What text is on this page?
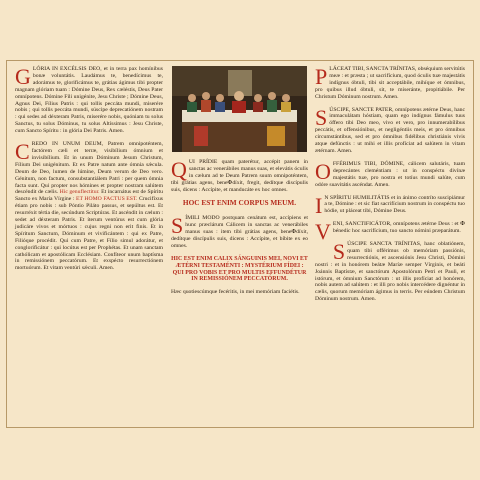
G LÓRIA IN EXCÉLSIS DEO, et in terra pax homínibus bonæ voluntátis. Laudámus te, benedícimus te, adorámus te, glorificámus te, grátias ágimus tibi propter magnam glóriam tuam : Dómine Deus, Rex cæléstis, Deus Pater omnípotens. Dómine Fili unigénite, Jesu Christe ; Dómine Deus, Agnus Dei, Fílius Patris : qui tollis peccáta mundi, miserére nobis ; qui tollis peccáta mundi, súscipe deprecatiónem nostram : qui sedes ad déxteram Patris, miserére nobis, quóniam tu solus Sanctus, tu solus Dóminus, tu solus Altíssimus : Jesu Christe, cum Sancto Spíritu : in glória Dei Patris. Amen.
C REDO IN UNUM DEUM, Patrem omnipoténtem, factórem cæli et terræ, visibílium ómnium et invisibílium. Et in unum Dóminum Jesum Christum, Fílium Dei unigénitum. Et ex Patre natum ante ómnia sǽcula. Deum de Deo, lumen de lúmine, Deum verum de Deo vero. Génitum, non factum, consubstantiálem Patri : per quem ómnia facta sunt. Qui propter nos hómines et propter nostram salútem descéndit de cælis. Hic genuflectitur. Et incarnátus est de Spíritu Sancto ex María Vírgine : ET HOMO FACTUS EST. Crucifíxus étiam pro nobis : sub Póntio Piláto passus, et sepúltus est. Et resurréxit tértia die, secúndum Scriptúras. Et ascéndit in cælum : sedet ad déxteram Patris. Et íterum ventúrus est cum glória judicáre vivos et mórtuos : cujus regni non erit finis. Et in Spíritum Sanctum, Dóminum et vivificántem : qui ex Patre, Filióque procédit. Qui cum Patre, et Fílio simul adorátur, et conglorificátur : qui locútus est per Prophétas. Et unam sanctam cathólicam et apostólicam Ecclésiam. Confíteor unum baptísma in remissiónem peccatórum. Et exspécto resurrectiónem mortuórum. Et vitam ventúri sǽculi. Amen.
Q UI PRÍDIE quam paterétur, accépit panem in sanctas ac venerábiles manus suas, et elevátis óculis in cælum ad te Deum Patrem suum omnipoténtem, tibi grátias agens, bene✠díxit, fregit, dedítque discípulis suis, dicens : Accípite, et manducáte ex hoc omnes.
HOC EST ENIM CORPUS MEUM.
S ÍMILI MODO postquam cenátum est, accípiens et hunc præclárum Cálicem in sanctas ac venerábiles manus suas : item tibi grátias agens, bene✠díxit, dedítque discípulis suis, dicens : Accípite, et bíbite ex eo omnes.
HIC EST ENIM CALIX SÁNGUINIS MEI, NOVI ET ÆTÉRNI TESTAMÉNTI : MYSTÉRIUM FÍDEI : QUI PRO VOBIS ET PRO MULTIS EFFUNDÉTUR IN REMISSIÓNEM PECCATÓRUM.
Hæc quotiescúmque fecéritis, in mei memóriam faciétis.
P LÁCEAT TIBI, SANCTA TRÍNITAS, obséquium servitútis meæ : et præsta ; ut sacrifícium, quod óculis tuæ majestátis indígnus óbtuli, tibi sit acceptábile, mihíque et ómnibus, pro quibus illud óbtuli, sit, te miseránte, propitiábile. Per Christum Dóminum nostrum. Amen.
S ÚSCIPE, SANCTE PATER, omnípotens ætérne Deus, hanc immaculátam hóstiam, quam ego indígnus fámulus tuus óffero tibi Deo meo, vivo et vero, pro innumerabílibus peccátis, et offensiónibus, et negligéntiis meis, et pro ómnibus circumstántibus, sed et pro ómnibus fidélibus christiánis vivis atque defúnctis : ut mihi et illis profíciat ad salútem in vitam ætérnam. Amen.
O FFÉRIMUS TIBI, DÓMINE, cálicem salutáris, tuam deprecántes cleméntiam : ut in conspéctu divínæ majestátis tuæ, pro nostra et totíus mundi salúte, cum odóre suavitátis ascéndat. Amen.
I N SPÍRITU HUMILITÁTIS et in ánimo contríto suscipiámur a te, Dómine : et sic fiat sacrifícium nostrum in conspéctu tuo hódie, ut pláceat tibi, Dómine Deus.
V ENI, SANCTIFICÁTOR, omnípotens ætérne Deus : et ✠ bénedic hoc sacrifícium, tuo sancto nómini præparátum.
S ÚSCIPE SANCTA TRÍNITAS, hanc oblatiónem, quam tibi offérimus ob memóriam passiónis, resurrectiónis, et ascensiónis Jesu Christi, Dómini nostri : et in honórem beátæ Maríæ semper Vírginis, et beáti Joánnis Baptístæ, et sanctórum Apostolórum Petri et Pauli, et istórum, et ómnium Sanctórum : ut illis profíciat ad honórem, nobis autem ad salútem : et illi pro nobis intercédere dignéntur in cælis, quorum memóriam ágimus in terris. Per eúndem Christum Dóminum nostrum. Amen.
